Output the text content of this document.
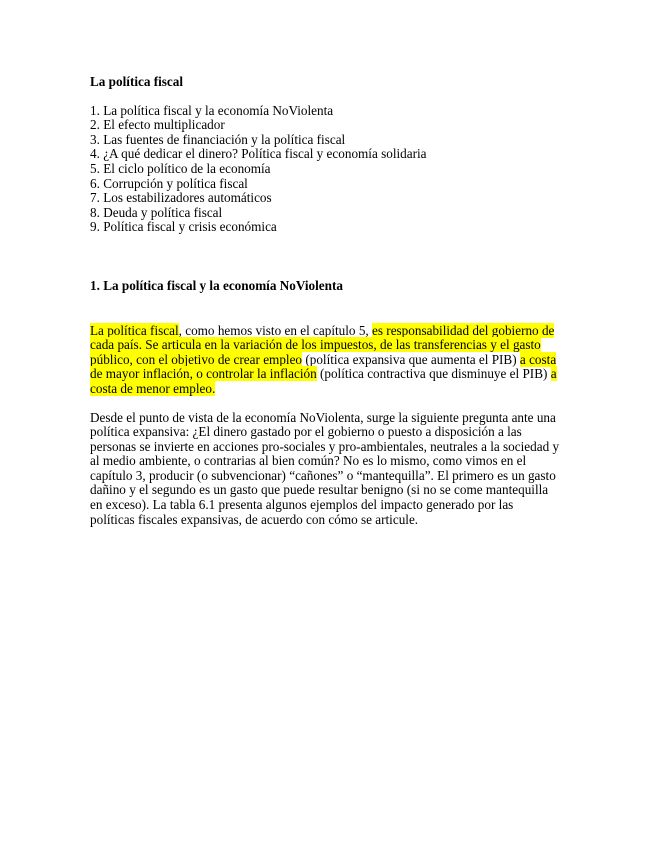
La política fiscal
1. La política fiscal y la economía NoViolenta
2. El efecto multiplicador
3. Las fuentes de financiación y la política fiscal
4. ¿A qué dedicar el dinero? Política fiscal y economía solidaria
5. El ciclo político de la economía
6. Corrupción y política fiscal
7. Los estabilizadores automáticos
8. Deuda y política fiscal
9. Política fiscal y crisis económica
1. La política fiscal y la economía NoViolenta

La política fiscal, como hemos visto en el capítulo 5, es responsabilidad del gobierno de cada país. Se articula en la variación de los impuestos, de las transferencias y el gasto público, con el objetivo de crear empleo (política expansiva que aumenta el PIB) a costa de mayor inflación, o controlar la inflación (política contractiva que disminuye el PIB) a costa de menor empleo.

Desde el punto de vista de la economía NoViolenta, surge la siguiente pregunta ante una política expansiva: ¿El dinero gastado por el gobierno o puesto a disposición a las personas se invierte en acciones pro-sociales y pro-ambientales, neutrales a la sociedad y al medio ambiente, o contrarias al bien común? No es lo mismo, como vimos en el capítulo 3, producir (o subvencionar) “cañones” o “mantequilla”. El primero es un gasto dañino y el segundo es un gasto que puede resultar benigno (si no se come mantequilla en exceso). La tabla 6.1 presenta algunos ejemplos del impacto generado por las políticas fiscales expansivas, de acuerdo con cómo se articule.
